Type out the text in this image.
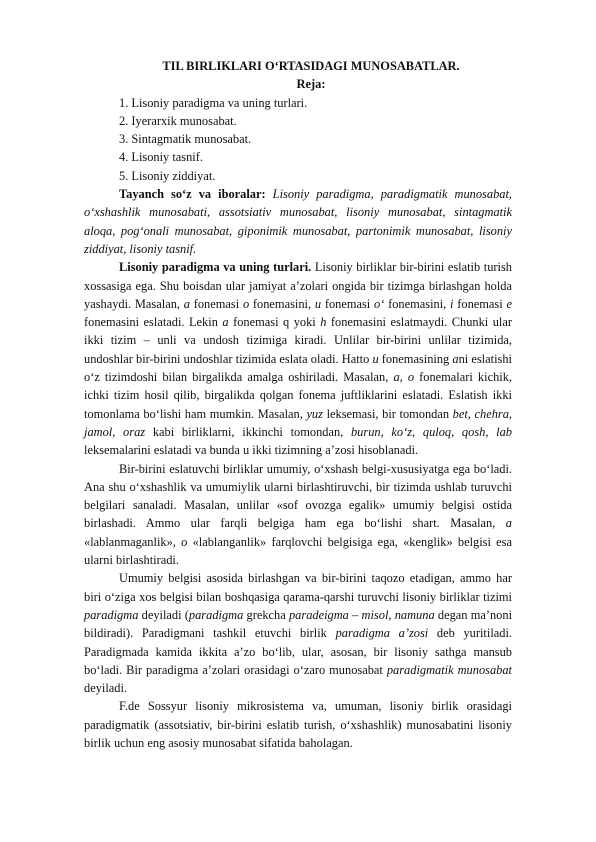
TIL BIRLIKLARI O‘RTASIDAGI MUNOSABATLAR.
Reja:
1. Lisoniy paradigma va uning turlari.
2. Iyerarxik munosabat.
3. Sintagmatik munosabat.
4. Lisoniy tasnif.
5. Lisoniy ziddiyat.

Tayanch so‘z va iboralar: Lisoniy paradigma, paradigmatik munosabat, o‘xshashlik munosabati, assotsiativ munosabat, lisoniy munosabat, sintagmatik aloqa, pog‘onali munosabat, giponimik munosabat, partonimik munosabat, lisoniy ziddiyat, lisoniy tasnif.

Lisoniy paradigma va uning turlari. Lisoniy birliklar bir-birini eslatib turish xossasiga ega. Shu boisdan ular jamiyat a’zolari ongida bir tizimga birlashgan holda yashaydi. Masalan, a fonemasi o fonemasini, u fonemasi o‘ fonemasini, i fonemasi e fonemasini eslatadi. Lekin a fonemasi q yoki h fonemasini eslatmaydi. Chunki ular ikki tizim – unli va undosh tizimiga kiradi. Unlilar bir-birini unlilar tizimida, undoshlar bir-birini undoshlar tizimida eslata oladi. Hatto u fonemasining ani eslatishi o‘z tizimdoshi bilan birgalikda amalga oshiriladi. Masalan, a, o fonemalari kichik, ichki tizim hosil qilib, birgalikda qolgan fonema juftliklarini eslatadi. Eslatish ikki tomonlama bo‘lishi ham mumkin. Masalan, yuz leksemasi, bir tomondan bet, chehra, jamol, oraz kabi birliklarni, ikkinchi tomondan, burun, ko‘z, quloq, qosh, lab leksemalarini eslatadi va bunda u ikki tizimning a’zosi hisoblanadi.

Bir-birini eslatuvchi birliklar umumiy, o‘xshash belgi-xususiyatga ega bo‘ladi. Ana shu o‘xshashlik va umumiylik ularni birlashtiruvchi, bir tizimda ushlab turuvchi belgilari sanaladi. Masalan, unlilar «sof ovozga egalik» umumiy belgisi ostida birlashadi. Ammo ular farqli belgiga ham ega bo‘lishi shart. Masalan, a «lablanmaganlik», o «lablanganlik» farqlovchi belgisiga ega, «kenglik» belgisi esa ularni birlashtiradi.

Umumiy belgisi asosida birlashgan va bir-birini taqozo etadigan, ammo har biri o‘ziga xos belgisi bilan boshqasiga qarama-qarshi turuvchi lisoniy birliklar tizimi paradigma deyiladi (paradigma grekcha paradeigma – misol, namuna degan ma’noni bildiradi). Paradigmani tashkil etuvchi birlik paradigma a’zosi deb yuritiladi. Paradigmada kamida ikkita a’zo bo‘lib, ular, asosan, bir lisoniy sathga mansub bo‘ladi. Bir paradigma a’zolari orasidagi o‘zaro munosabat paradigmatik munosabat deyiladi.

F.de Sossyur lisoniy mikrosistema va, umuman, lisoniy birlik orasidagi paradigmatik (assotsiativ, bir-birini eslatib turish, o‘xshashlik) munosabatini lisoniy birlik uchun eng asosiy munosabat sifatida baholagan.
